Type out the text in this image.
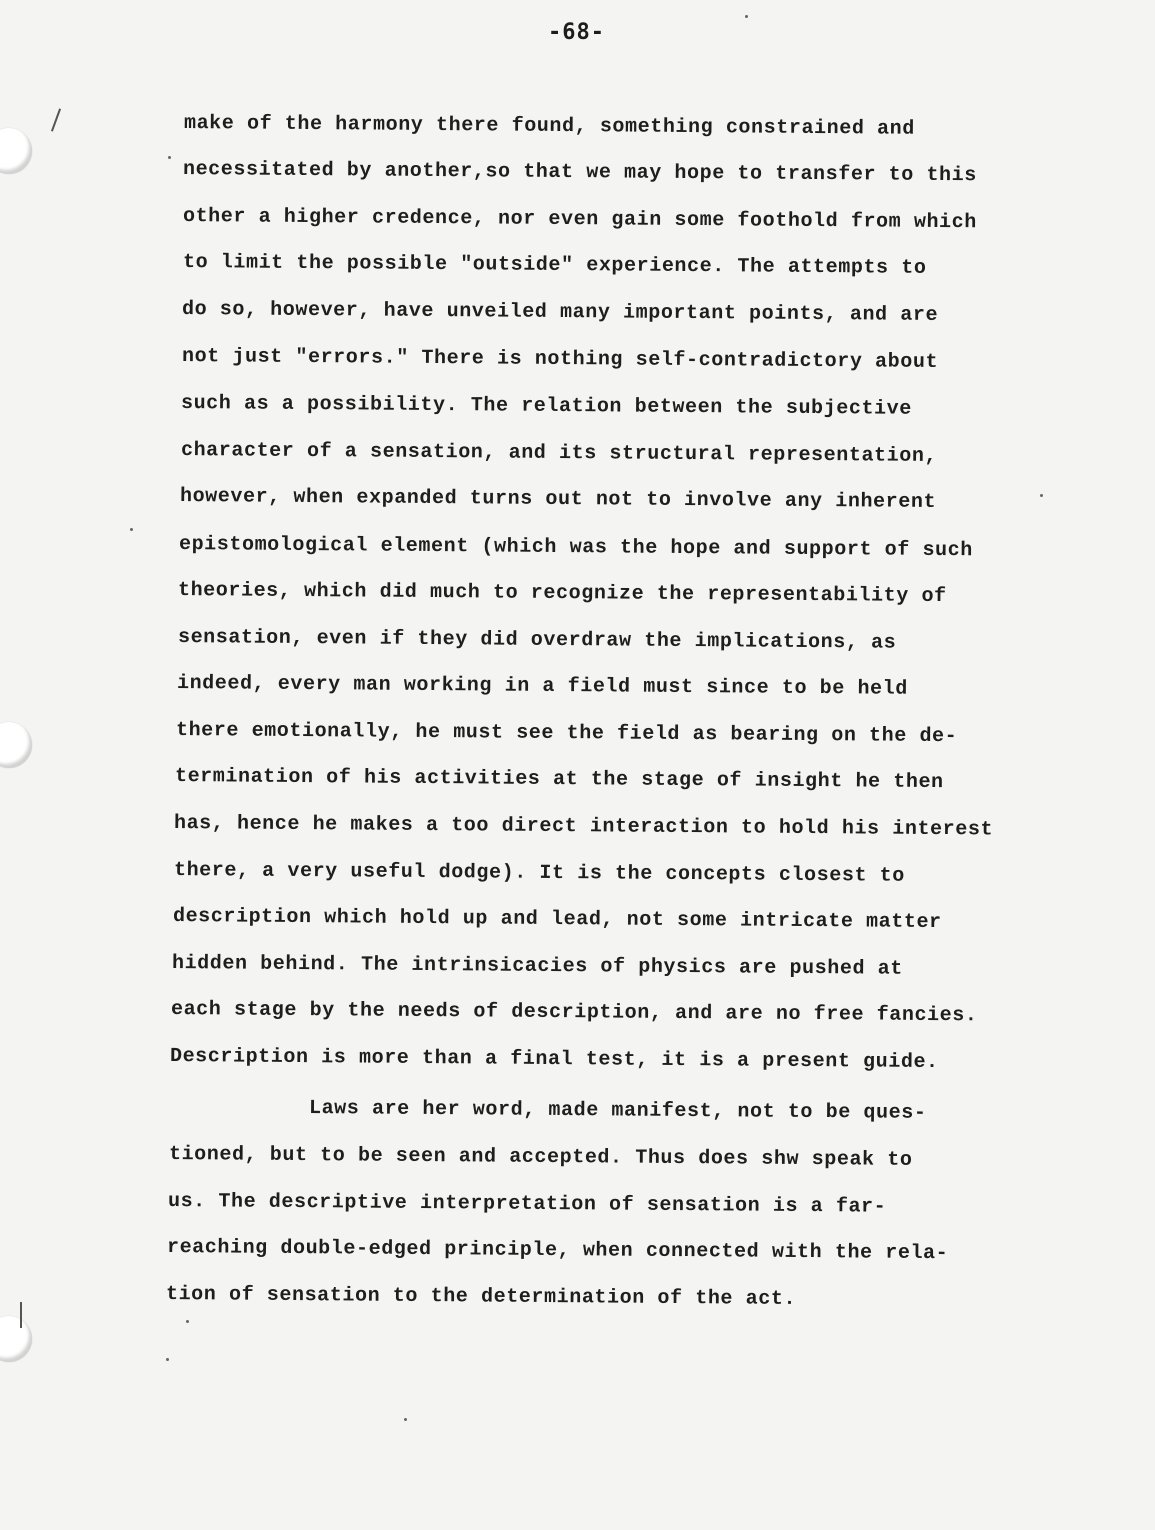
-68-
make of the harmony there found, something constrained and
necessitated by another,so that we may hope to transfer to this
other a higher credence, nor even gain some foothold from which
to limit the possible "outside" experience. The attempts to
do so, however, have unveiled many important points, and are
not just "errors." There is nothing self-contradictory about
such as a possibility. The relation between the subjective
character of a sensation, and its structural representation,
however, when expanded turns out not to involve any inherent
epistomological element (which was the hope and support of such
theories, which did much to recognize the representability of
sensation, even if they did overdraw the implications, as
indeed, every man working in a field must since to be held
there emotionally, he must see the field as bearing on the de-
termination of his activities at the stage of insight he then
has, hence he makes a too direct interaction to hold his interest
there, a very useful dodge). It is the concepts closest to
description which hold up and lead, not some intricate matter
hidden behind. The intrinsicacies of physics are pushed at
each stage by the needs of description, and are no free fancies.
Description is more than a final test, it is a present guide.
Laws are her word, made manifest, not to be ques-
tioned, but to be seen and accepted. Thus does shw speak to
us. The descriptive interpretation of sensation is a far-
reaching double-edged principle, when connected with the rela-
tion of sensation to the determination of the act.
